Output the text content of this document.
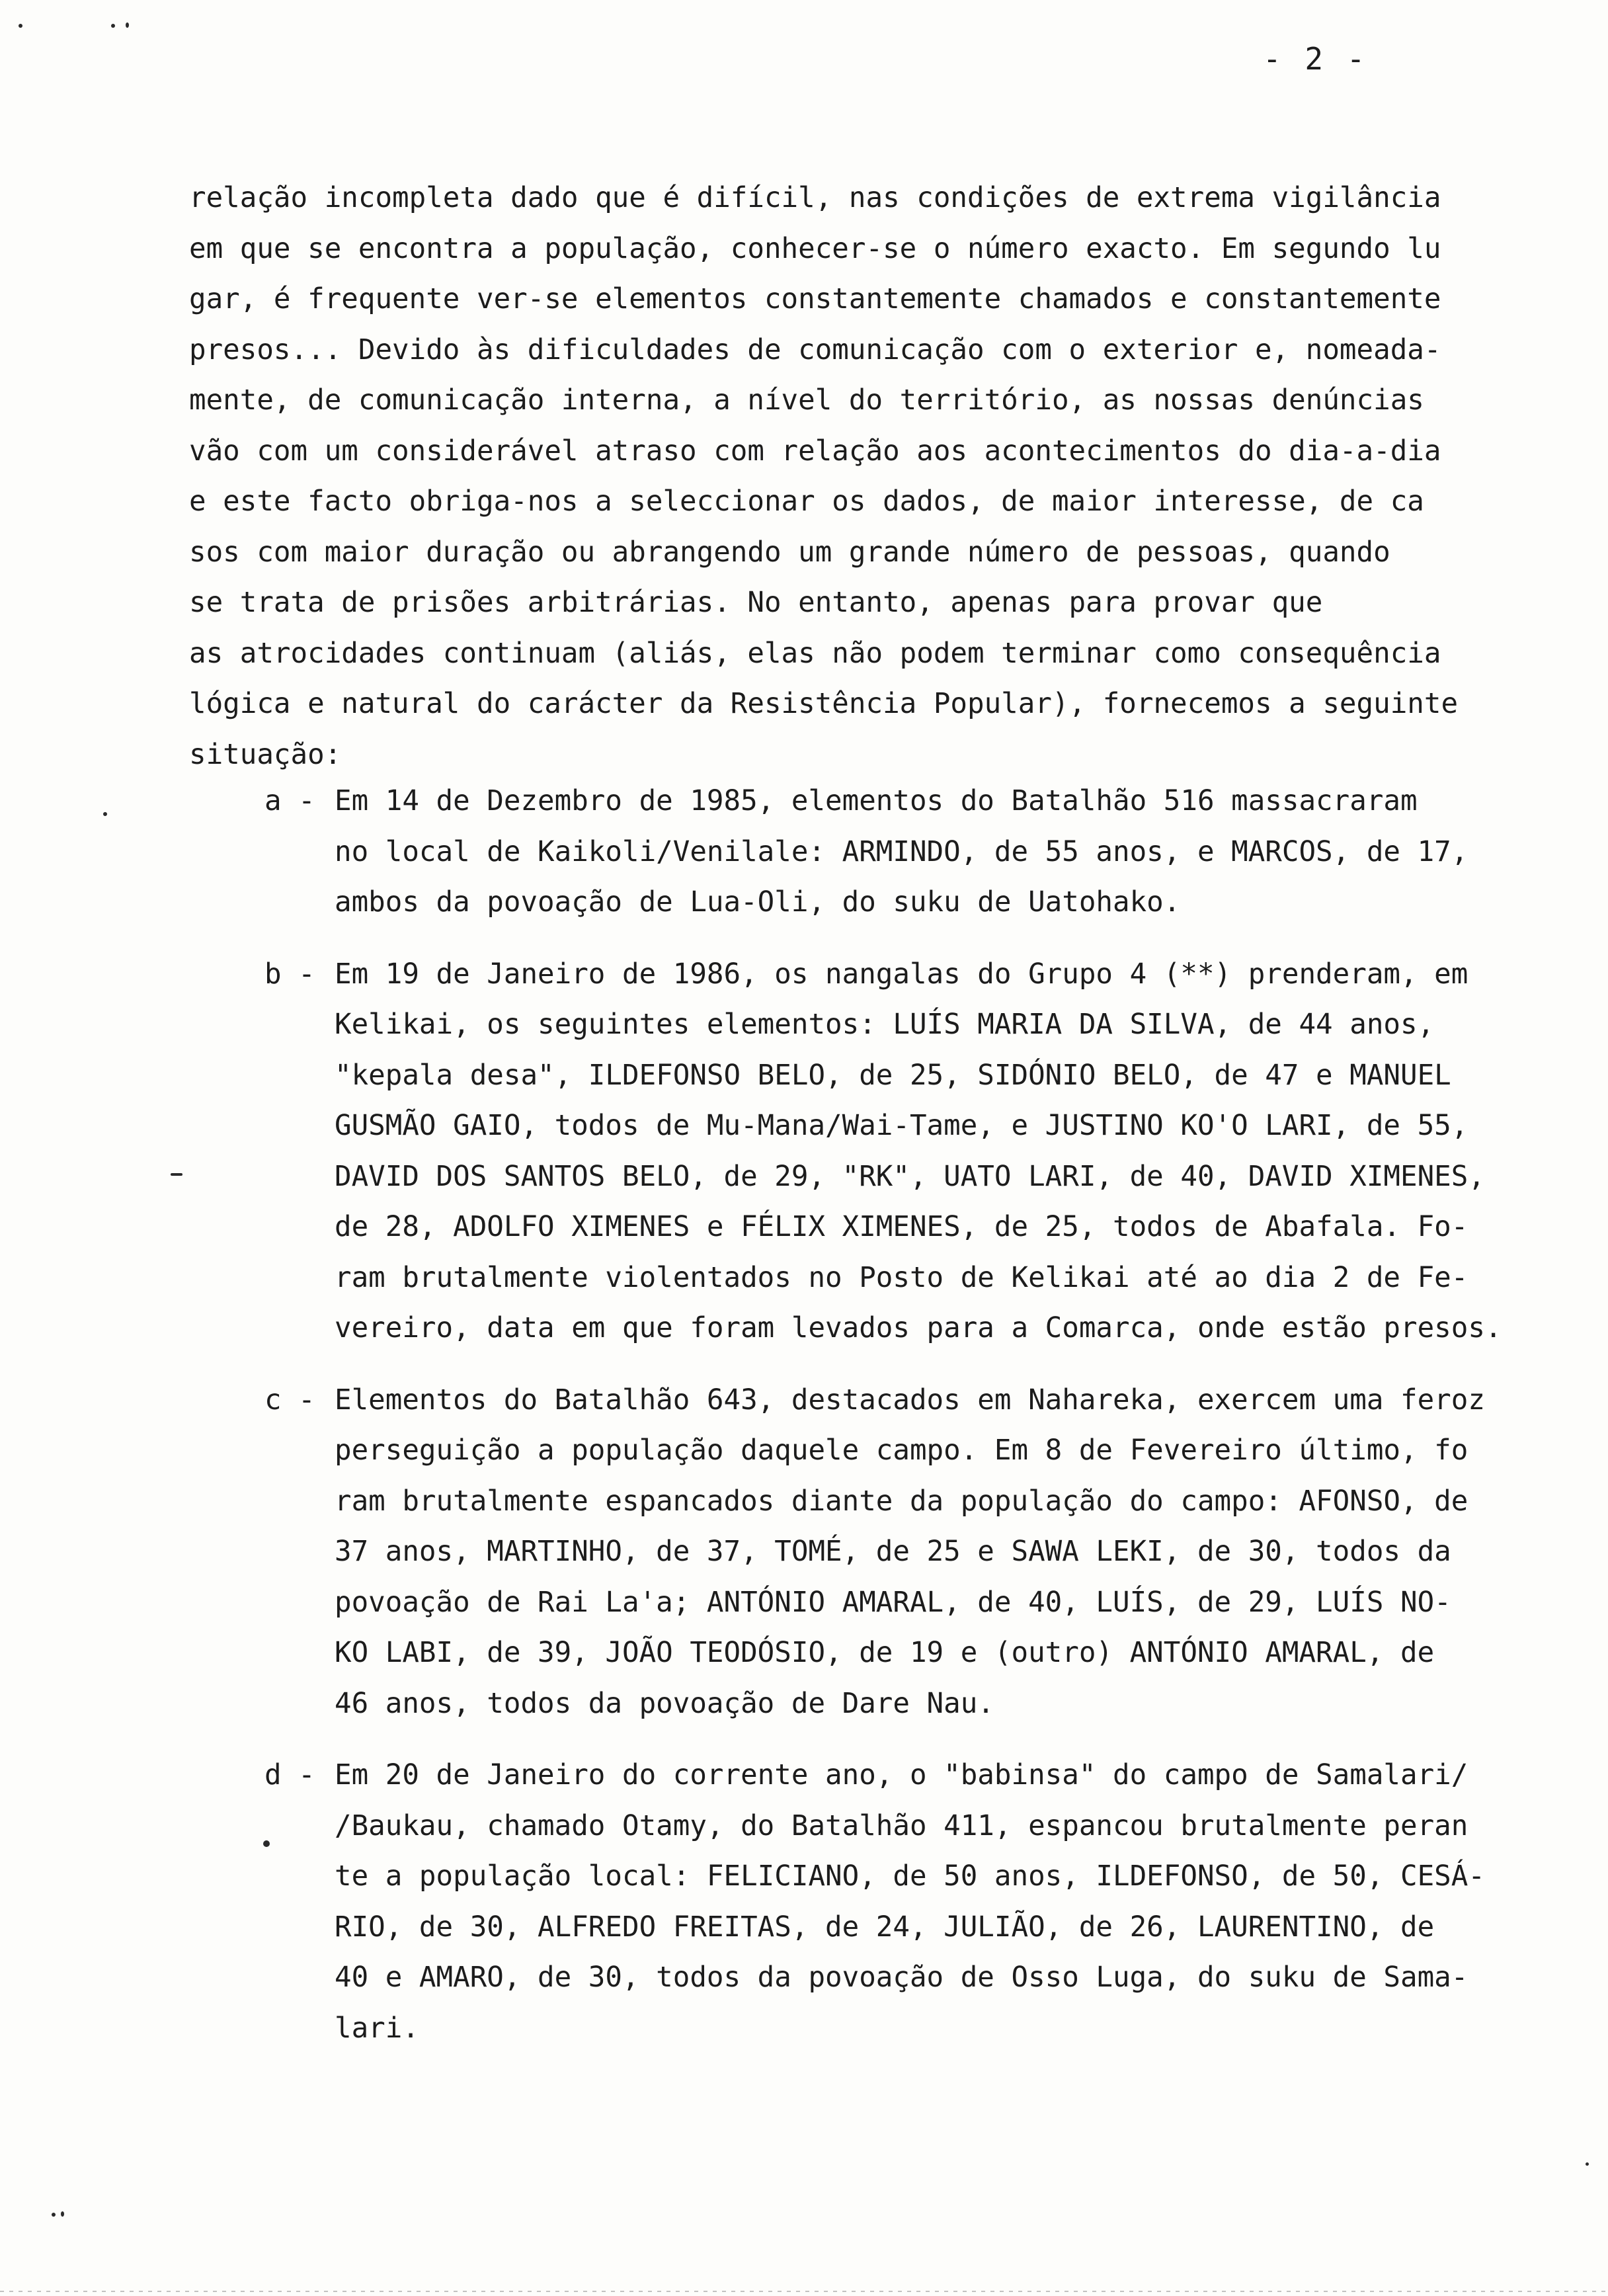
- 2 -
relação incompleta dado que é difícil, nas condições de extrema vigilância
em que se encontra a população, conhecer-se o número exacto. Em segundo lu
gar, é frequente ver-se elementos constantemente chamados e constantemente
presos... Devido às dificuldades de comunicação com o exterior e, nomeada-
mente, de comunicação interna, a nível do território, as nossas denúncias
vão com um considerável atraso com relação aos acontecimentos do dia-a-dia
e este facto obriga-nos a seleccionar os dados, de maior interesse, de ca
sos com maior duração ou abrangendo um grande número de pessoas, quando
se trata de prisões arbitrárias. No entanto, apenas para provar que
as atrocidades continuam (aliás, elas não podem terminar como consequência
lógica e natural do carácter da Resistência Popular), fornecemos a seguinte
situação:
a - Em 14 de Dezembro de 1985, elementos do Batalhão 516 massacraram
no local de Kaikoli/Venilale: ARMINDO, de 55 anos, e MARCOS, de 17,
ambos da povoação de Lua-Oli, do suku de Uatohako.
b - Em 19 de Janeiro de 1986, os nangalas do Grupo 4 (**) prenderam, em
Kelikai, os seguintes elementos: LUÍS MARIA DA SILVA, de 44 anos,
"kepala desa", ILDEFONSO BELO, de 25, SIDÓNIO BELO, de 47 e MANUEL
GUSMÃO GAIO, todos de Mu-Mana/Wai-Tame, e JUSTINO KO'O LARI, de 55,
DAVID DOS SANTOS BELO, de 29, "RK", UATO LARI, de 40, DAVID XIMENES,
de 28, ADOLFO XIMENES e FÉLIX XIMENES, de 25, todos de Abafala. Fo-
ram brutalmente violentados no Posto de Kelikai até ao dia 2 de Fe-
vereiro, data em que foram levados para a Comarca, onde estão presos.
c - Elementos do Batalhão 643, destacados em Nahareka, exercem uma feroz
perseguição a população daquele campo. Em 8 de Fevereiro último, fo
ram brutalmente espancados diante da população do campo: AFONSO, de
37 anos, MARTINHO, de 37, TOMÉ, de 25 e SAWA LEKI, de 30, todos da
povoação de Rai La'a; ANTÓNIO AMARAL, de 40, LUÍS, de 29, LUÍS NO-
KO LABI, de 39, JOÃO TEODÓSIO, de 19 e (outro) ANTÓNIO AMARAL, de
46 anos, todos da povoação de Dare Nau.
d - Em 20 de Janeiro do corrente ano, o "babinsa" do campo de Samalari/
/Baukau, chamado Otamy, do Batalhão 411, espancou brutalmente peran
te a população local: FELICIANO, de 50 anos, ILDEFONSO, de 50, CESÁ-
RIO, de 30, ALFREDO FREITAS, de 24, JULIÃO, de 26, LAURENTINO, de
40 e AMARO, de 30, todos da povoação de Osso Luga, do suku de Sama-
lari.
